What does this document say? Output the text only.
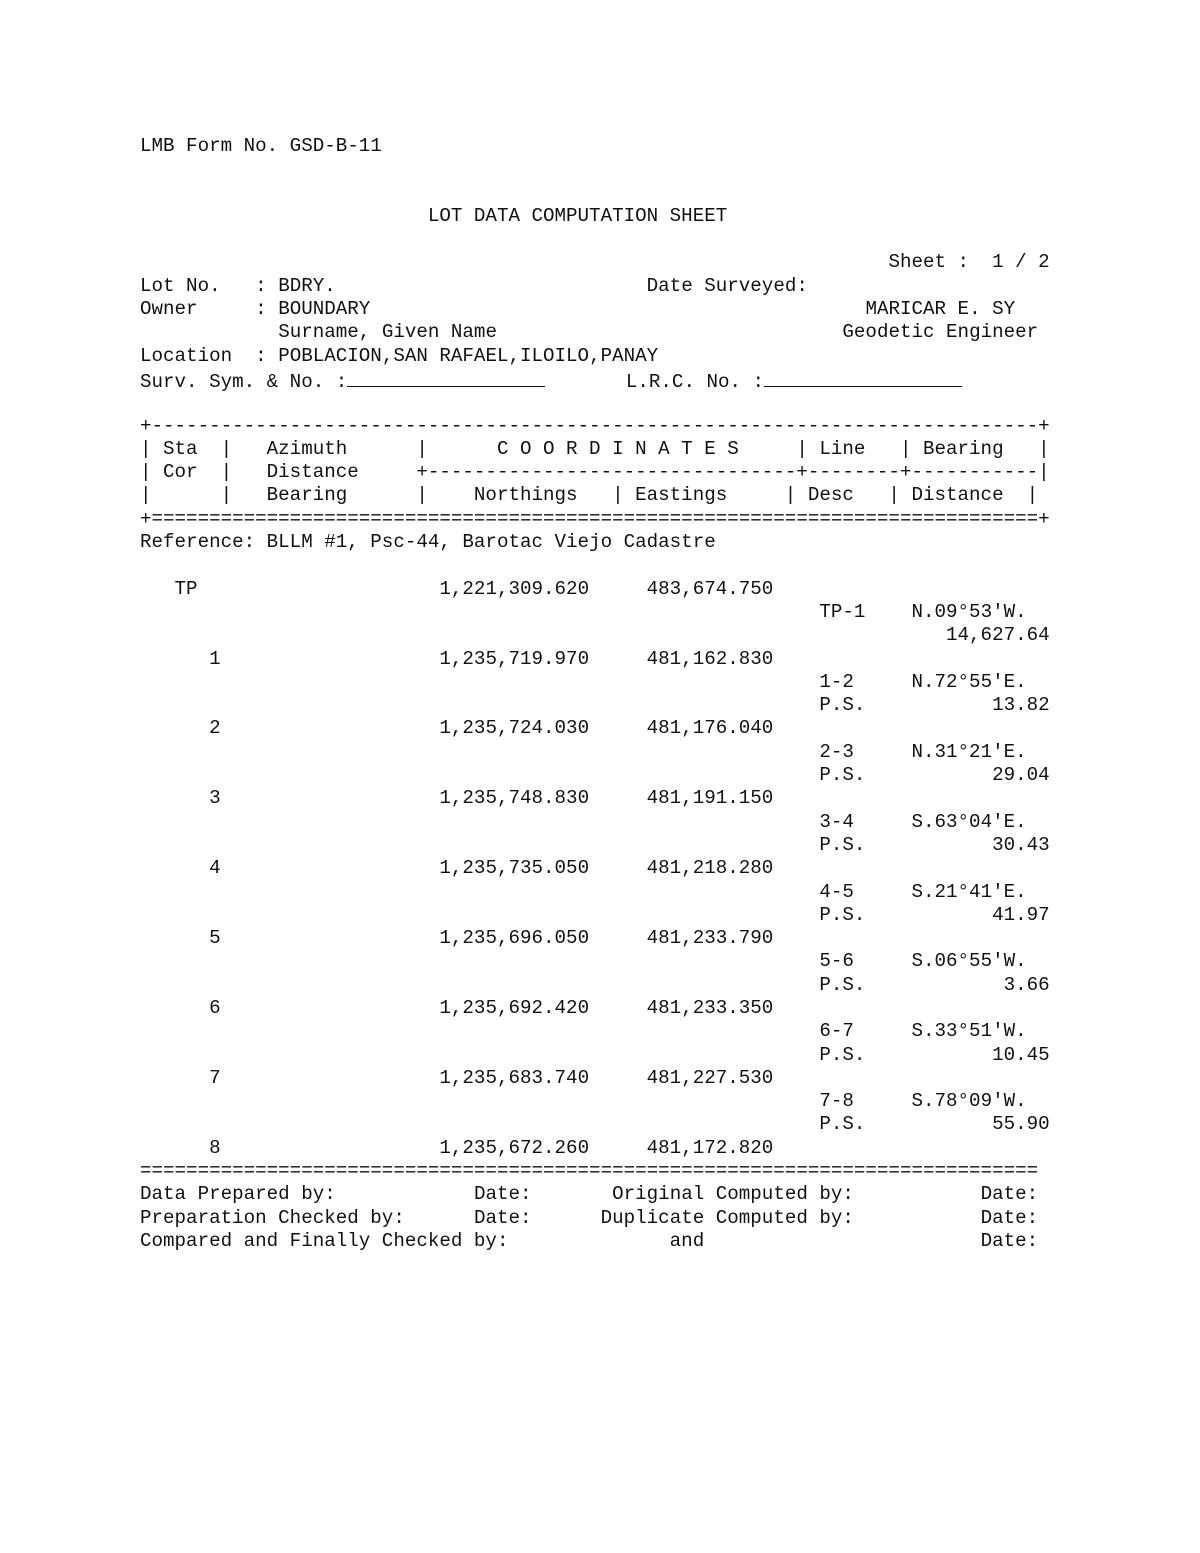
LMB Form No. GSD-B-11
LOT DATA COMPUTATION SHEET
Sheet : 1 / 2
Lot No. : BDRY.	Date Surveyed:
Owner	: BOUNDARY	MARICAR E. SY
Surname, Given Name	Geodetic Engineer
Location : POBLACION,SAN RAFAEL,ILOILO,PANAY
Surv. Sym. & No. :	L.R.C. No. :
+-----------------------------------------------------------------------------+
| Sta  |   Azimuth      |      C O O R D I N A T E S     | Line   | Bearing   |
| Cor  |   Distance     +--------------------------------+--------+-----------|
|      |   Bearing      |    Northings   | Eastings     | Desc   | Distance  |
+=============================================================================+
Reference: BLLM #1, Psc-44, Barotac Viejo Cadastre
TP	1,221,309.620	483,674.750
TP-1 N.09°53'W.
14,627.64
1	1,235,719.970	481,162.830
1-2	N.72°55'E.
P.S.	13.82
2	1,235,724.030	481,176.040
2-3	N.31°21'E.
P.S.	29.04
3	1,235,748.830	481,191.150
3-4	S.63°04'E.
P.S.	30.43
4	1,235,735.050	481,218.280
4-5	S.21°41'E.
P.S.	41.97
5	1,235,696.050	481,233.790
5-6	S.06°55'W.
P.S.	3.66
6	1,235,692.420	481,233.350
6-7	S.33°51'W.
P.S.	10.45
7	1,235,683.740	481,227.530
7-8	S.78°09'W.
P.S.	55.90
8	1,235,672.260	481,172.820
==============================================================================
Data Prepared by:	Date:	Original Computed by:	Date:
Preparation Checked by:	Date:	Duplicate Computed by:	Date:
Compared and Finally Checked by:	and	Date:
